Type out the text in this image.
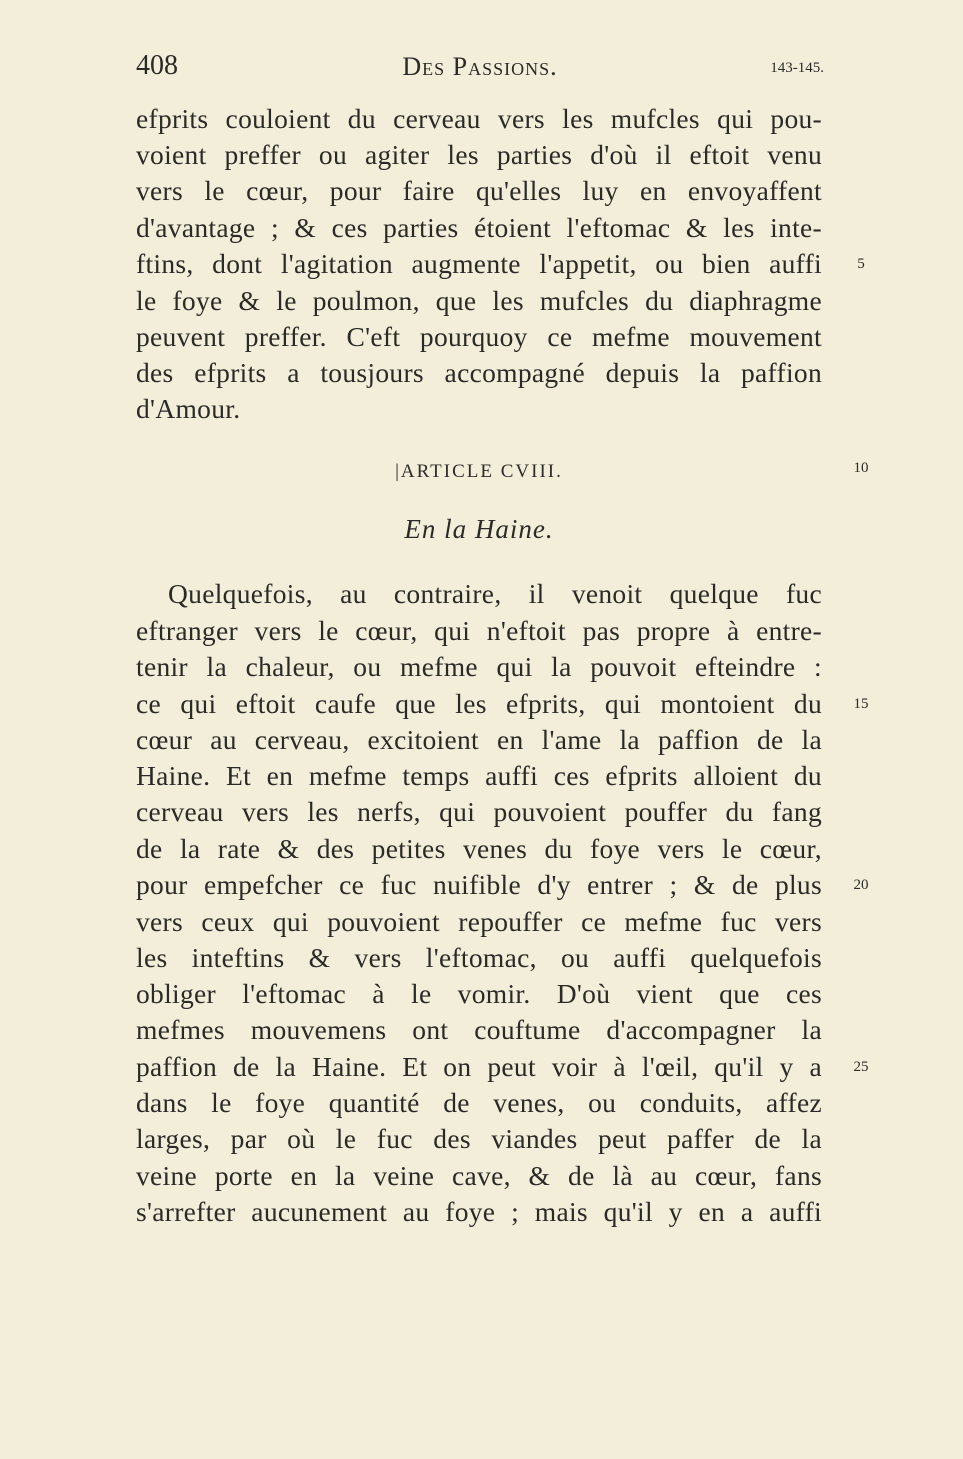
408	Des Passions.	143-145.
efprits couloient du cerveau vers les mufcles qui pou-
voient preffer ou agiter les parties d'où il eftoit venu
vers le cœur, pour faire qu'elles luy en envoyaffent
d'avantage ; & ces parties étoient l'eftomac & les inte-
ftins, dont l'agitation augmente l'appetit, ou bien auffi
le foye & le poulmon, que les mufcles du diaphragme
peuvent preffer. C'eft pourquoy ce mefme mouvement
des efprits a tousjours accompagné depuis la paffion
d'Amour.
|ARTICLE CVIII.
En la Haine.
Quelquefois, au contraire, il venoit quelque fuc
eftranger vers le cœur, qui n'eftoit pas propre à entre-
tenir la chaleur, ou mefme qui la pouvoit efteindre :
ce qui eftoit caufe que les efprits, qui montoient du
cœur au cerveau, excitoient en l'ame la paffion de la
Haine. Et en mefme temps auffi ces efprits alloient du
cerveau vers les nerfs, qui pouvoient pouffer du fang
de la rate & des petites venes du foye vers le cœur,
pour empefcher ce fuc nuifible d'y entrer ; & de plus
vers ceux qui pouvoient repouffer ce mefme fuc vers
les inteftins & vers l'eftomac, ou auffi quelquefois
obliger l'eftomac à le vomir. D'où vient que ces
mefmes mouvemens ont couftume d'accompagner la
paffion de la Haine. Et on peut voir à l'œil, qu'il y a
dans le foye quantité de venes, ou conduits, affez
larges, par où le fuc des viandes peut paffer de la
veine porte en la veine cave, & de là au cœur, fans
s'arrefter aucunement au foye ; mais qu'il y en a auffi
5
10
15
20
25
